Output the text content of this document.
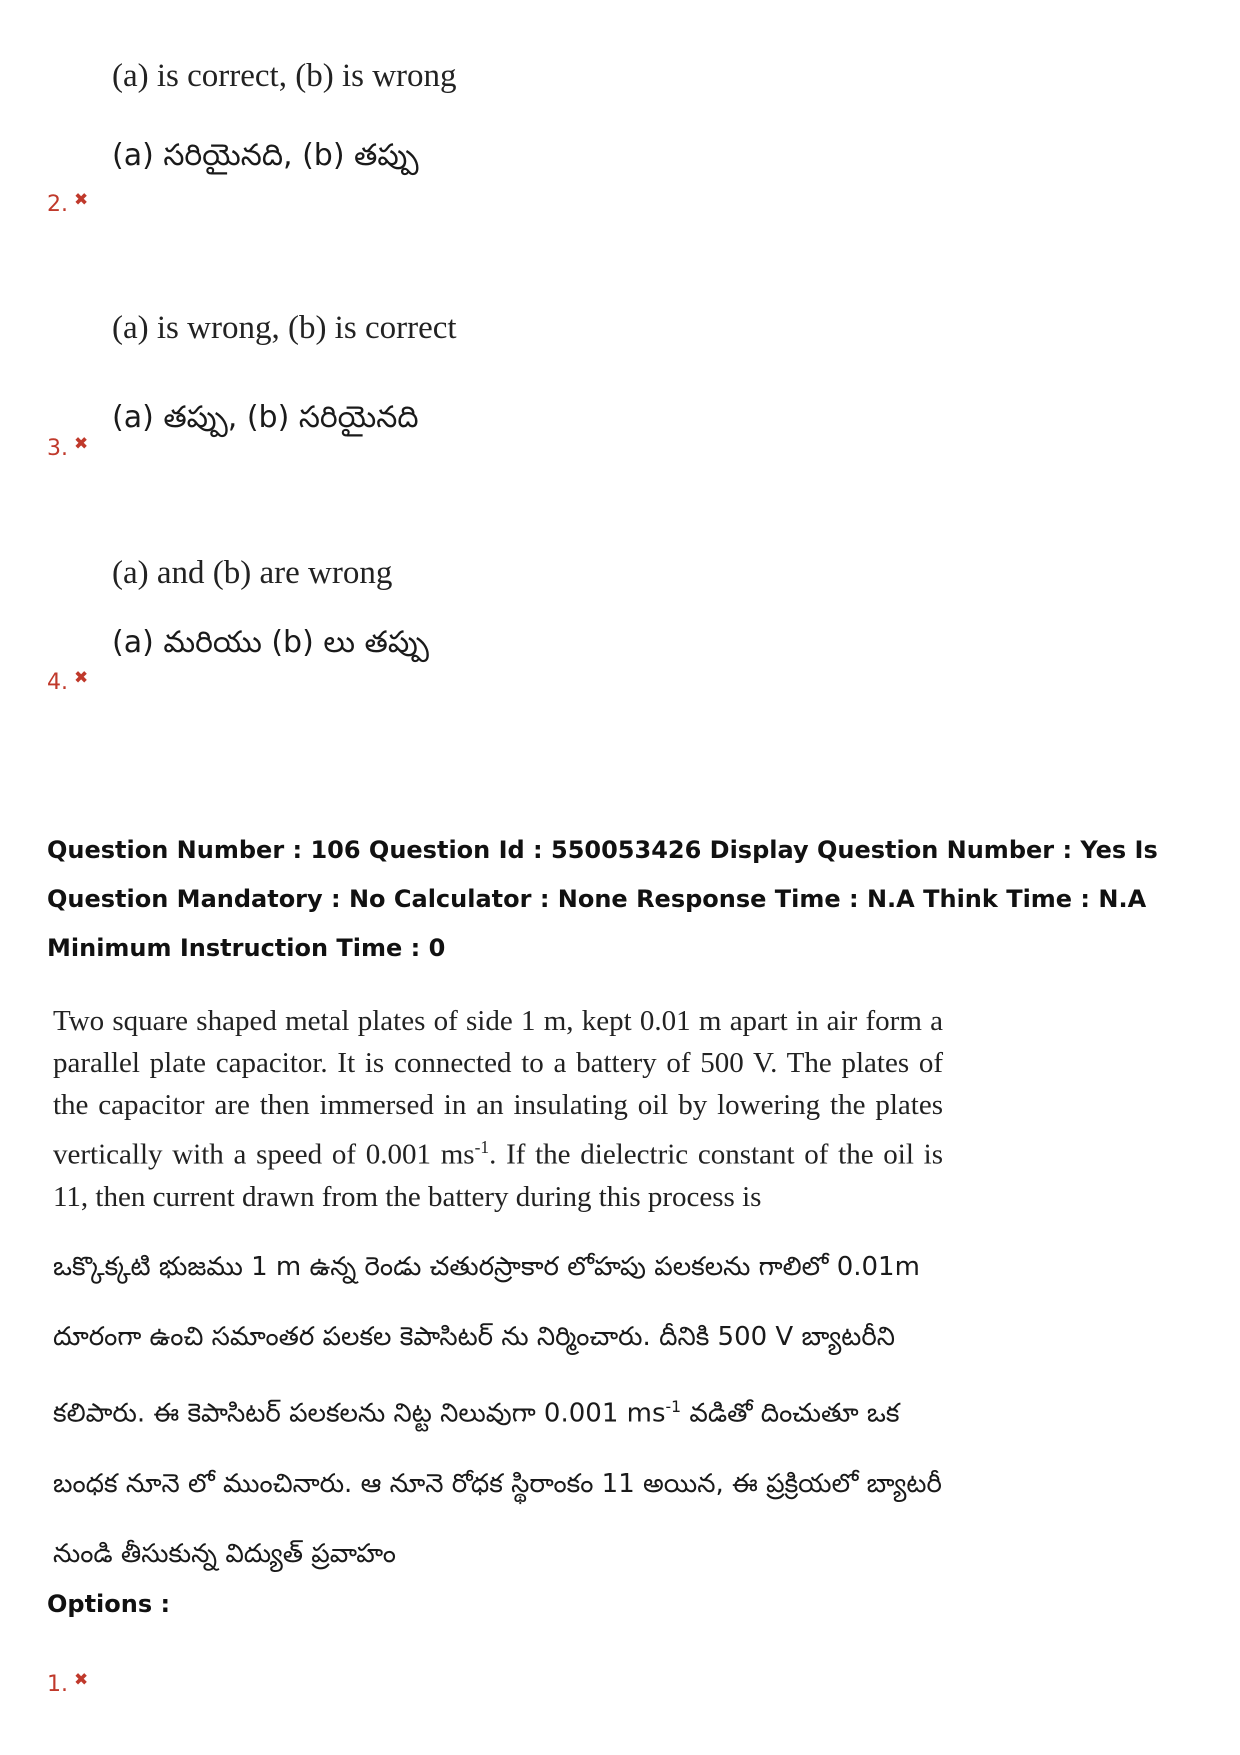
(a) is correct, (b) is wrong
(a) సరియైనది, (b) తప్పు
2. ✖
(a) is wrong, (b) is correct
(a) తప్పు, (b) సరియైనది
3. ✖
(a) and (b) are wrong
(a) మరియు (b) లు తప్పు
4. ✖
Question Number : 106 Question Id : 550053426 Display Question Number : Yes Is Question Mandatory : No Calculator : None Response Time : N.A Think Time : N.A Minimum Instruction Time : 0
Two square shaped metal plates of side 1 m, kept 0.01 m apart in air form a parallel plate capacitor. It is connected to a battery of 500 V. The plates of the capacitor are then immersed in an insulating oil by lowering the plates vertically with a speed of 0.001 $ms^{-1}$. If the dielectric constant of the oil is 11, then current drawn from the battery during this process is
ఒక్కొక్కటి భుజము 1 m ఉన్న రెండు చతురస్రాకార లోహపు పలకలను గాలిలో 0.01m దూరంగా ఉంచి సమాంతర పలకల కెపాసిటర్ ను నిర్మించారు. దీనికి 500 V బ్యాటరీని కలిపారు. ఈ కెపాసిటర్ పలకలను నిట్ట నిలువుగా 0.001 $ms^{-1}$ వడితో దించుతూ ఒక బంధక నూనె లో ముంచినారు. ఆ నూనె రోధక స్థిరాంకం 11 అయిన, ఈ ప్రక్రియలో బ్యాటరీ నుండి తీసుకున్న విద్యుత్ ప్రవాహం
Options :
1. ✖
